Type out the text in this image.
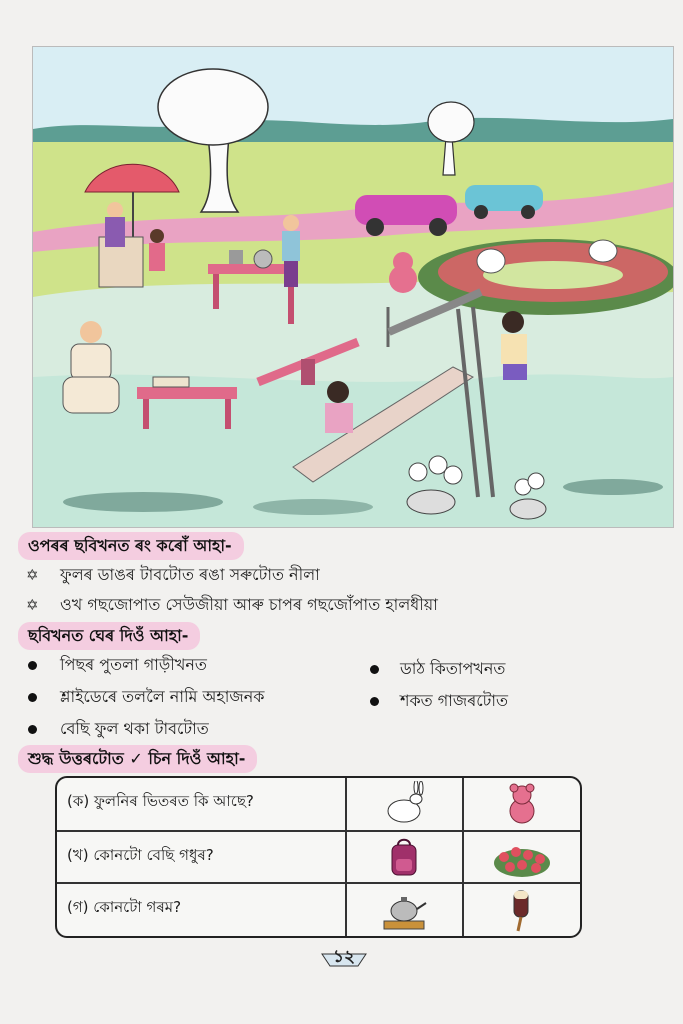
ওপৰৰ ছবিখনত ৰং কৰোঁ আহা-
✡ ফুলৰ ডাঙৰ টাবটোত ৰঙা সৰুটোত নীলা
✡ ওখ গছজোপাত সেউজীয়া আৰু চাপৰ গছজোঁপাত হালধীয়া
ছবিখনত ঘেৰ দিওঁ আহা-
পিছৰ পুতলা গাড়ীখনত
শ্লাইডেৰে তললৈ নামি অহাজনক
বেছি ফুল থকা টাবটোত
ডাঠ কিতাপখনত
শকত গাজৰটোত
শুদ্ধ উত্তৰটোত ✓ চিন দিওঁ আহা-
(ক) ফুলনিৰ ভিতৰত কি আছে?
(খ) কোনটো বেছি গধুৰ?
(গ) কোনটো গৰম?
১২
